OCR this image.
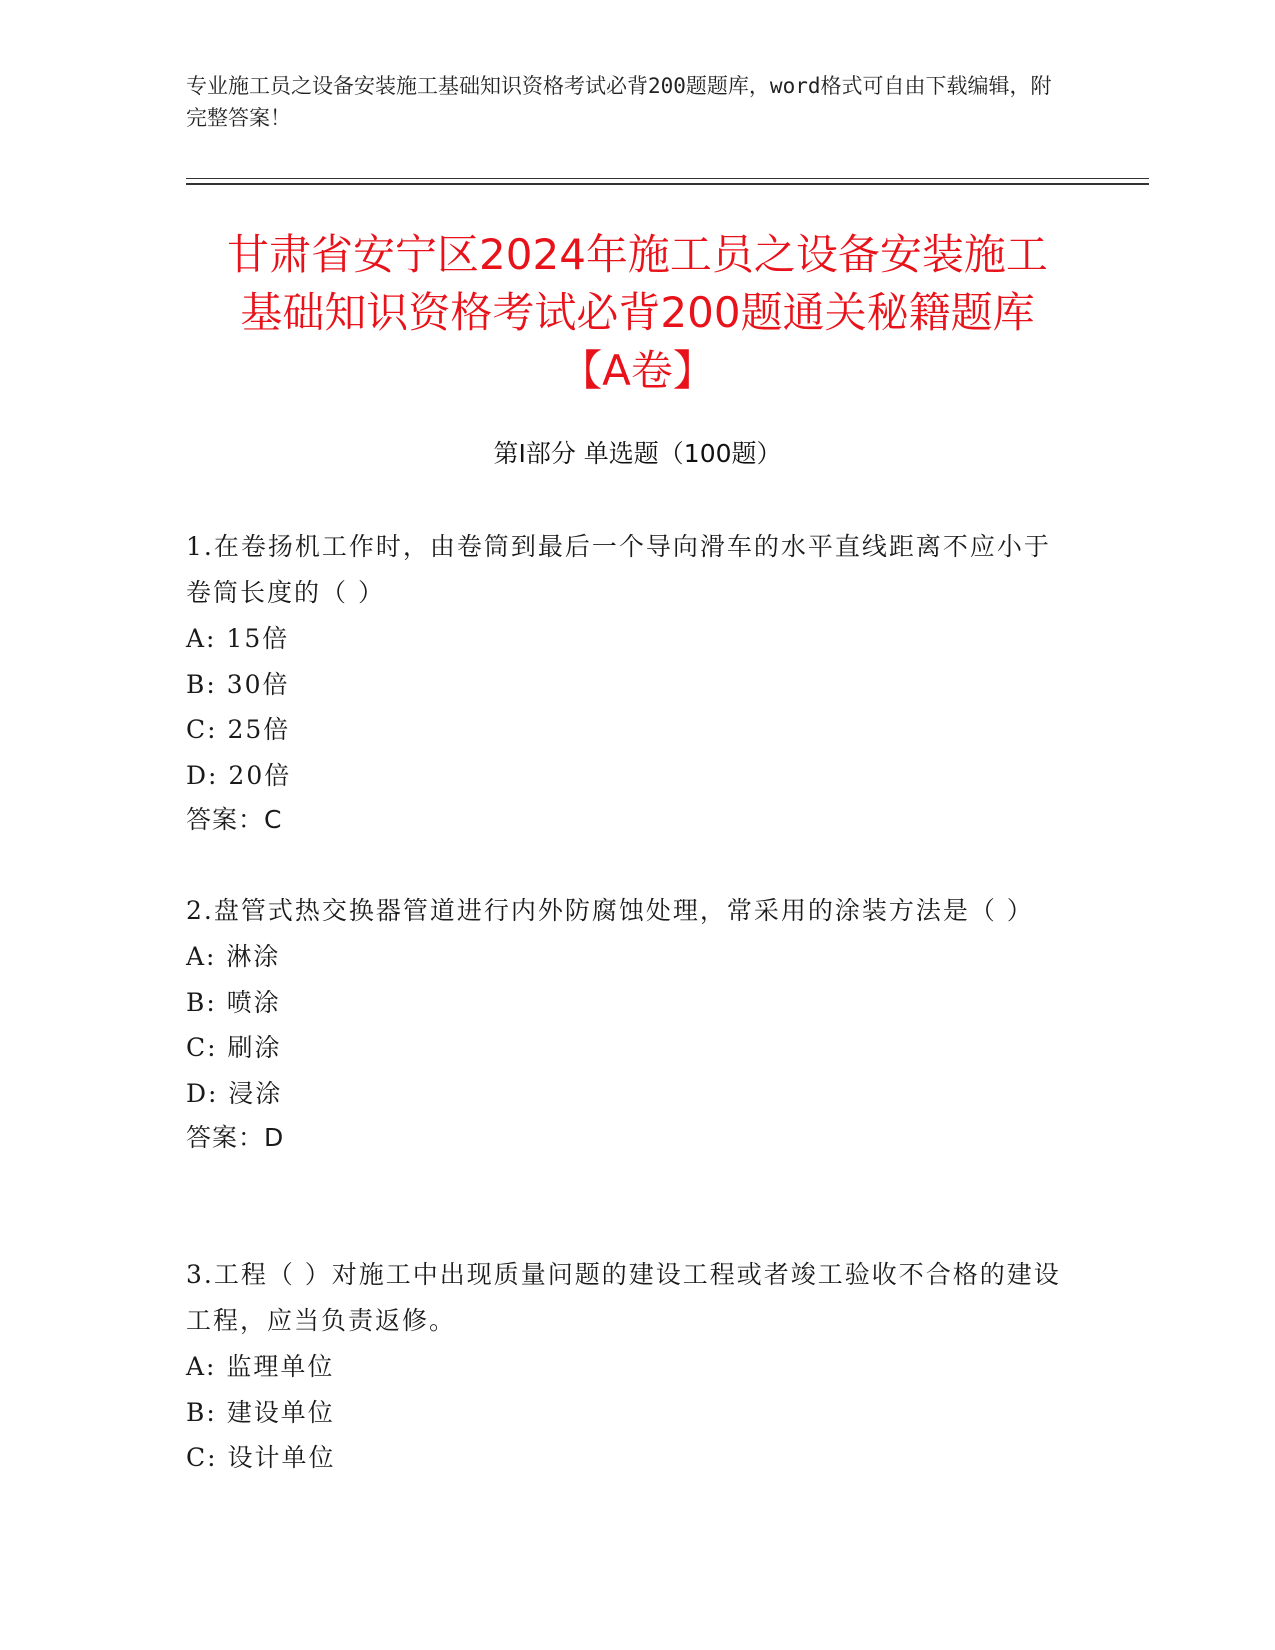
专业施工员之设备安装施工基础知识资格考试必背200题题库，word格式可自由下载编辑，附完整答案！

甘肃省安宁区2024年施工员之设备安装施工
基础知识资格考试必背200题通关秘籍题库
【A卷】
第Ⅰ部分 单选题（100题）

1.在卷扬机工作时，由卷筒到最后一个导向滑车的水平直线距离不应小于卷筒长度的（ ）

A: 15倍

B: 30倍

C: 25倍

D: 20倍

答案：C

2.盘管式热交换器管道进行内外防腐蚀处理，常采用的涂装方法是（ ）

A: 淋涂

B: 喷涂

C: 刷涂

D: 浸涂

答案：D

3.工程（ ）对施工中出现质量问题的建设工程或者竣工验收不合格的建设工程，应当负责返修。

A: 监理单位

B: 建设单位

C: 设计单位
